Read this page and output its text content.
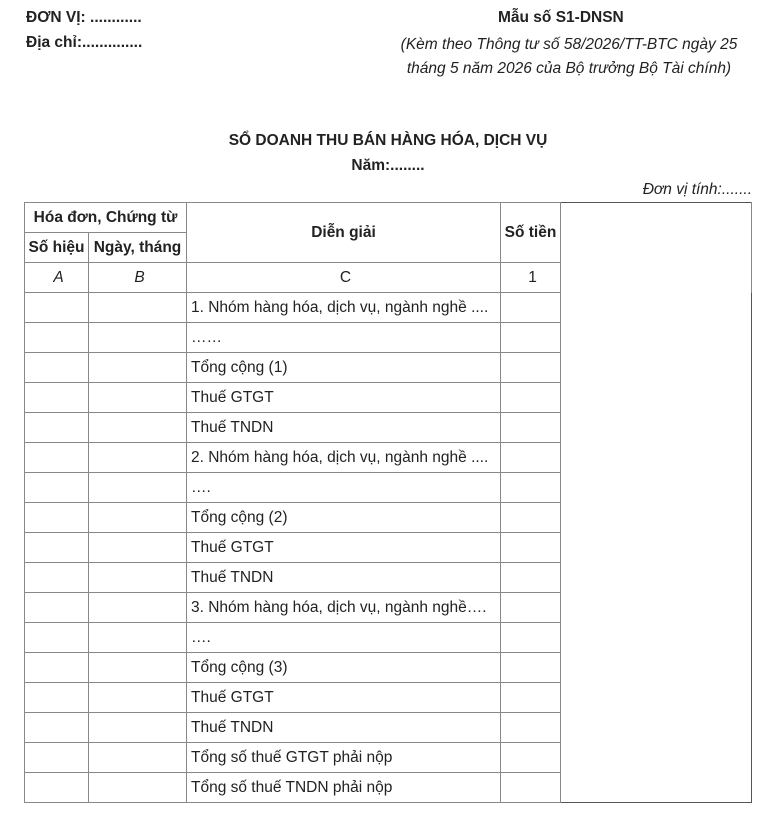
ĐƠN VỊ: ............
Địa chỉ:..............
Mẫu số S1-DNSN
(Kèm theo Thông tư số 58/2026/TT-BTC ngày 25 tháng 5 năm 2026 của Bộ trưởng Bộ Tài chính)
SỔ DOANH THU BÁN HÀNG HÓA, DỊCH VỤ
Năm:........
Đơn vị tính:.......
Hóa đơn, Chứng từ		Diễn giải	Số tiền	
Số hiệu	Ngày, tháng			
A	B	C	1	
		1. Nhóm hàng hóa, dịch vụ, ngành nghề ....		
		……		
		Tổng cộng (1)		
		Thuế GTGT		
		Thuế TNDN		
		2. Nhóm hàng hóa, dịch vụ, ngành nghề ....		
		….		
		Tổng cộng (2)		
		Thuế GTGT		
		Thuế TNDN		
		3. Nhóm hàng hóa, dịch vụ, ngành nghề….		
		….		
		Tổng cộng (3)		
		Thuế GTGT		
		Thuế TNDN		
		Tổng số thuế GTGT phải nộp		
		Tổng số thuế TNDN phải nộp		
